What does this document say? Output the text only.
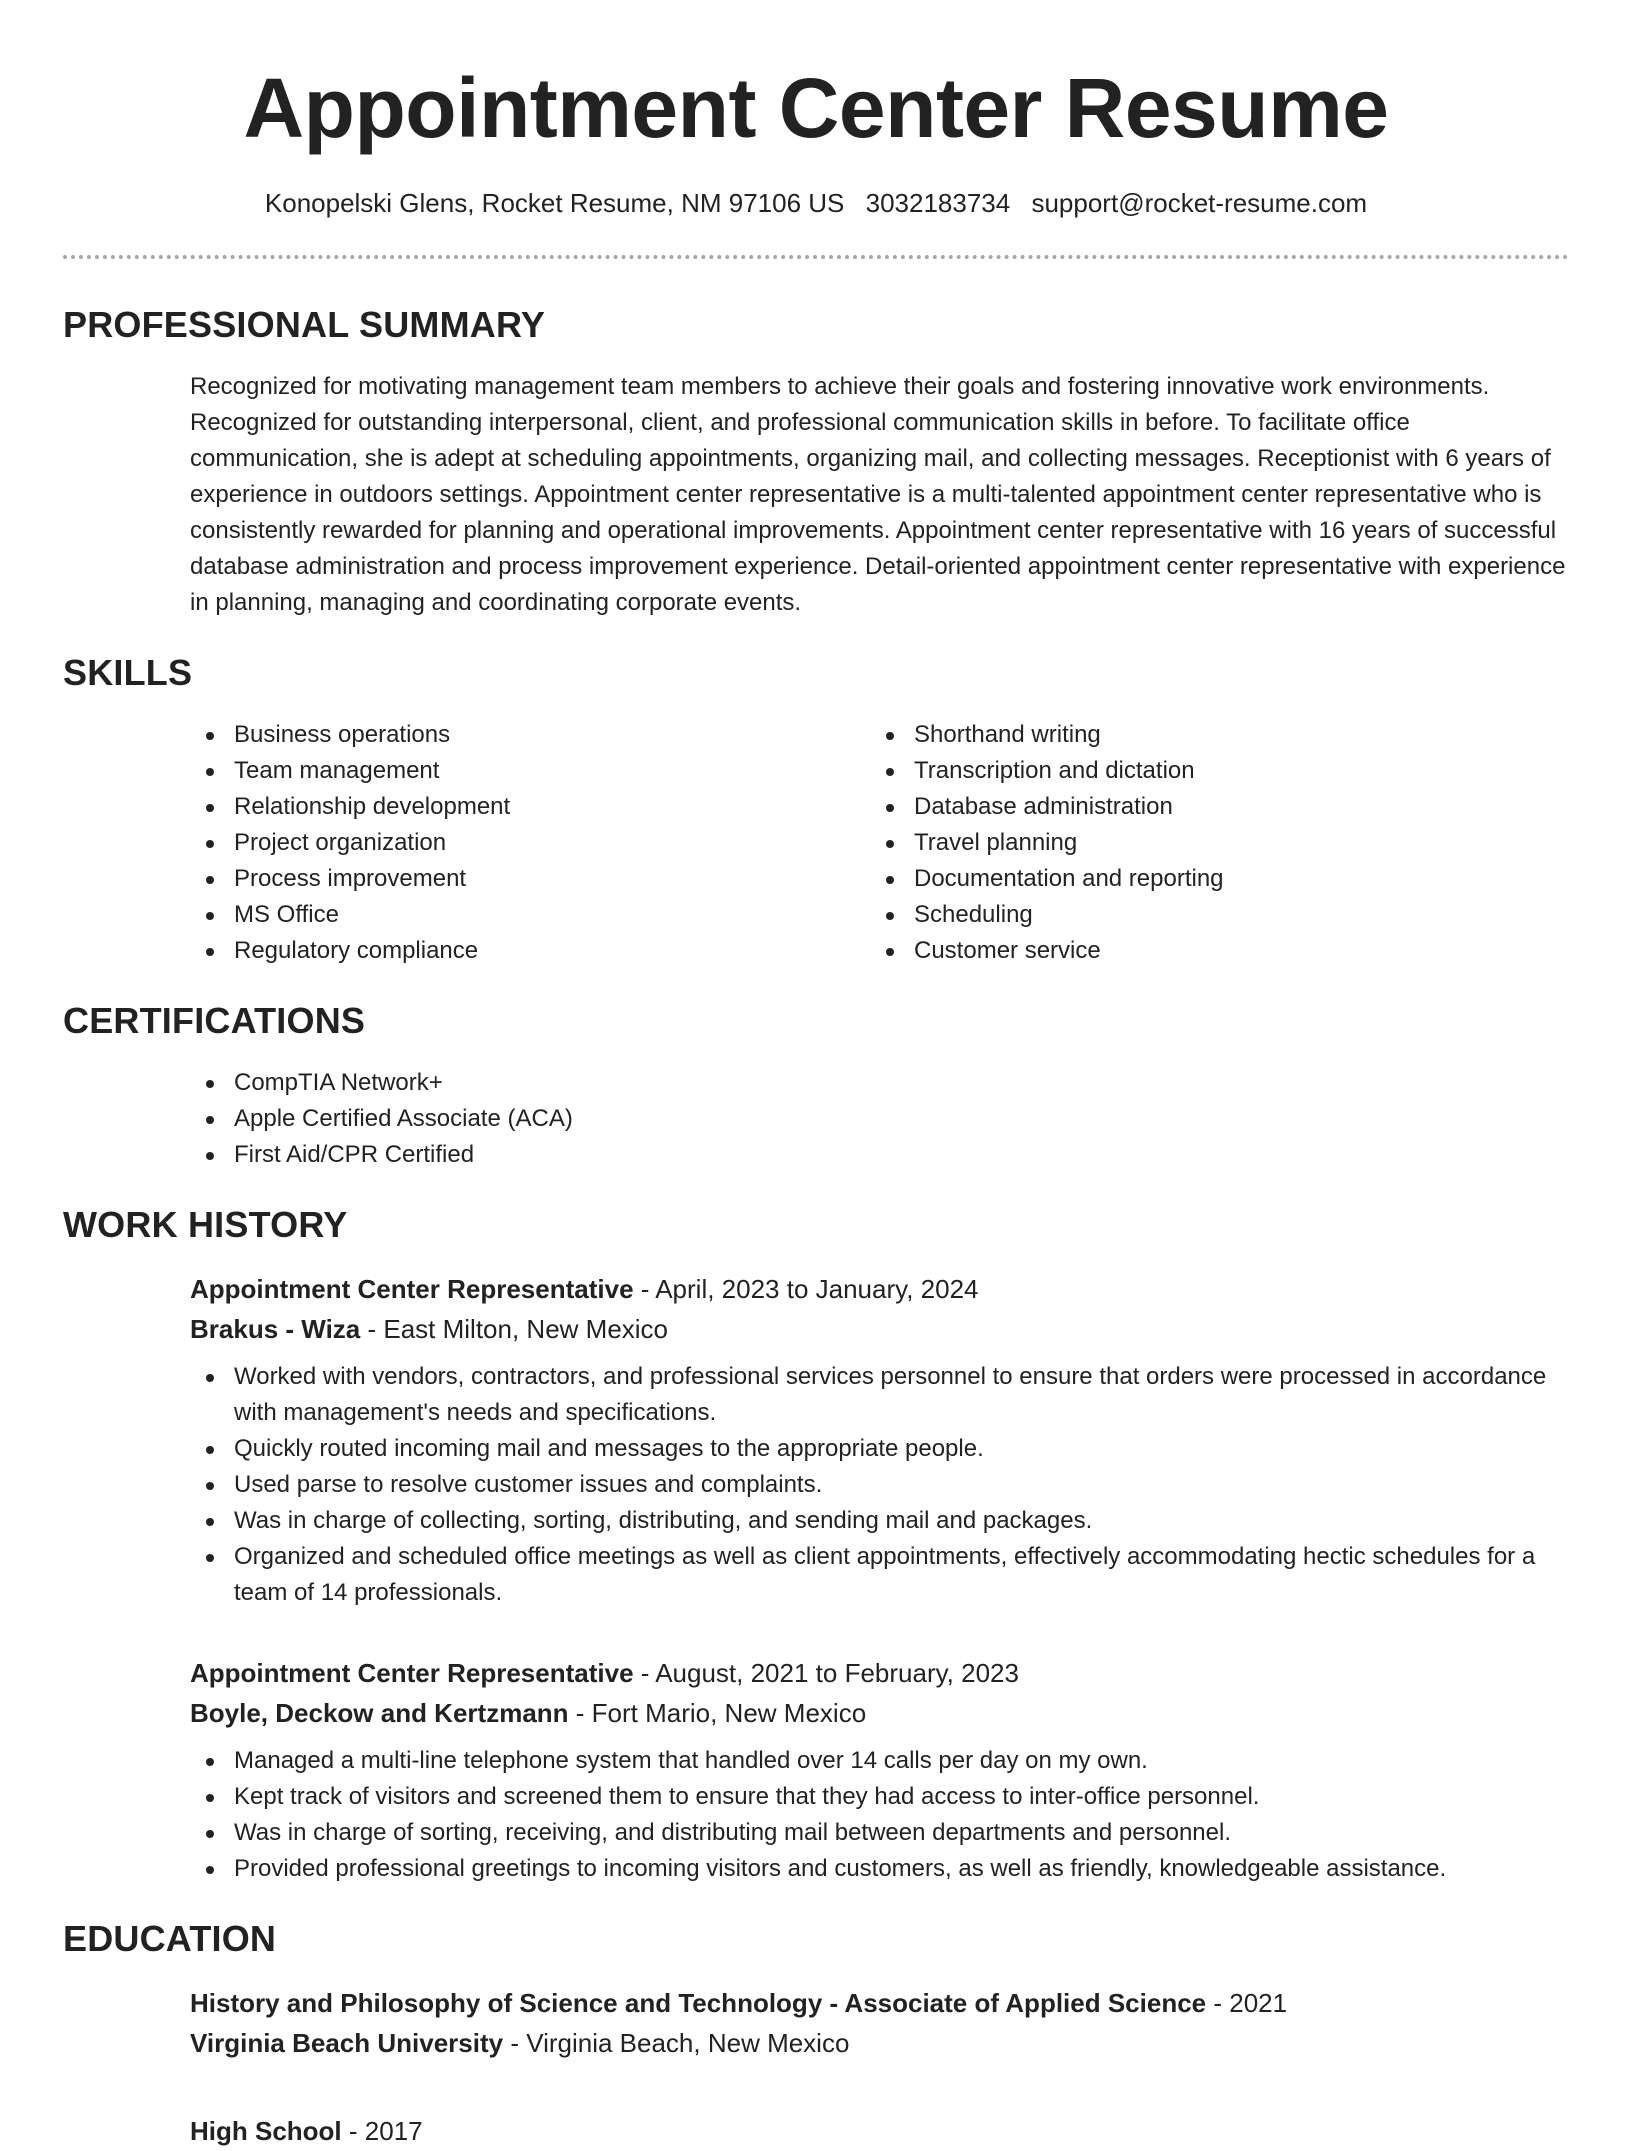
Appointment Center Resume
Konopelski Glens, Rocket Resume, NM 97106 US 3032183734 support@rocket-resume.com
PROFESSIONAL SUMMARY
Recognized for motivating management team members to achieve their goals and fostering innovative work environments. Recognized for outstanding interpersonal, client, and professional communication skills in before. To facilitate office communication, she is adept at scheduling appointments, organizing mail, and collecting messages. Receptionist with 6 years of experience in outdoors settings. Appointment center representative is a multi-talented appointment center representative who is consistently rewarded for planning and operational improvements. Appointment center representative with 16 years of successful database administration and process improvement experience. Detail-oriented appointment center representative with experience in planning, managing and coordinating corporate events.
SKILLS
Business operations
Team management
Relationship development
Project organization
Process improvement
MS Office
Regulatory compliance
Shorthand writing
Transcription and dictation
Database administration
Travel planning
Documentation and reporting
Scheduling
Customer service
CERTIFICATIONS
CompTIA Network+
Apple Certified Associate (ACA)
First Aid/CPR Certified
WORK HISTORY
Appointment Center Representative - April, 2023 to January, 2024
Brakus - Wiza - East Milton, New Mexico
Worked with vendors, contractors, and professional services personnel to ensure that orders were processed in accordance with management's needs and specifications.
Quickly routed incoming mail and messages to the appropriate people.
Used parse to resolve customer issues and complaints.
Was in charge of collecting, sorting, distributing, and sending mail and packages.
Organized and scheduled office meetings as well as client appointments, effectively accommodating hectic schedules for a team of 14 professionals.
Appointment Center Representative - August, 2021 to February, 2023
Boyle, Deckow and Kertzmann - Fort Mario, New Mexico
Managed a multi-line telephone system that handled over 14 calls per day on my own.
Kept track of visitors and screened them to ensure that they had access to inter-office personnel.
Was in charge of sorting, receiving, and distributing mail between departments and personnel.
Provided professional greetings to incoming visitors and customers, as well as friendly, knowledgeable assistance.
EDUCATION
History and Philosophy of Science and Technology - Associate of Applied Science - 2021
Virginia Beach University - Virginia Beach, New Mexico
High School - 2017
